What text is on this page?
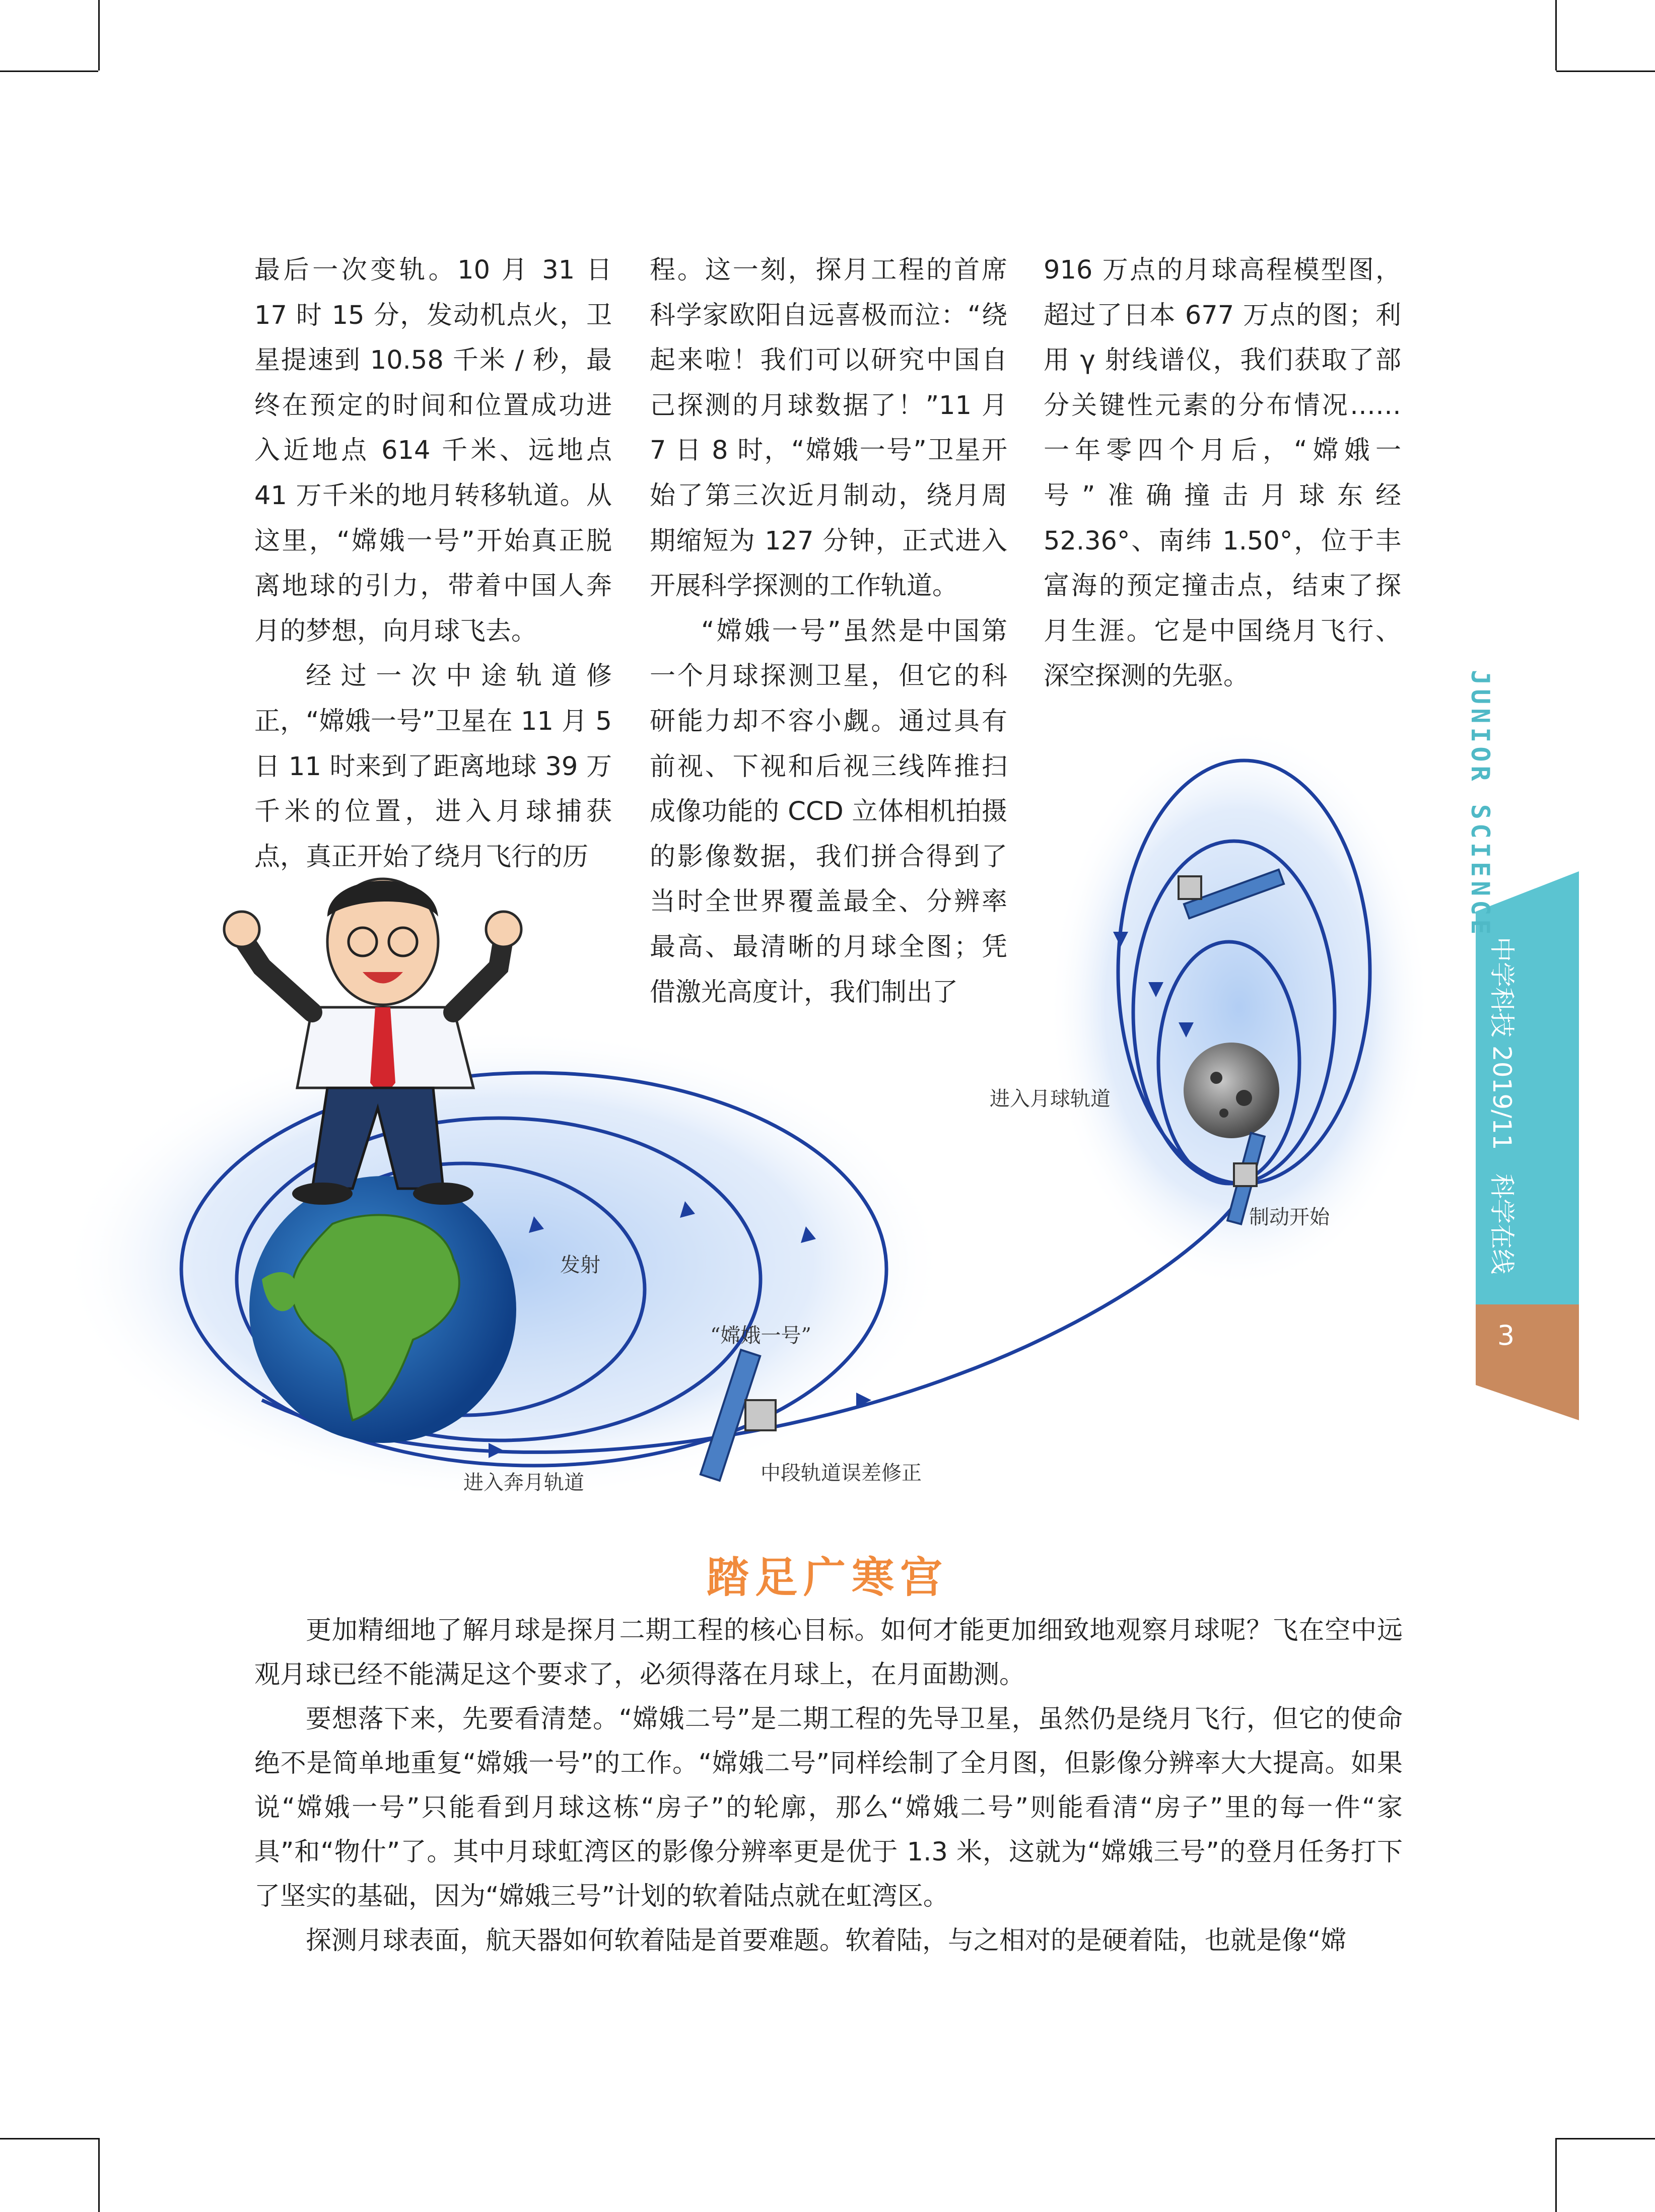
最后一次变轨。10 月 31 日 17 时 15 分，发动机点火，卫星提速到 10.58 千米 / 秒，最终在预定的时间和位置成功进入近地点 614 千米、远地点 41 万千米的地月转移轨道。从这里，“嫦娥一号”开始真正脱离地球的引力，带着中国人奔月的梦想，向月球飞去。

经过一次中途轨道修正，“嫦娥一号”卫星在 11 月 5 日 11 时来到了距离地球 39 万千米的位置，进入月球捕获点，真正开始了绕月飞行的历

程。这一刻，探月工程的首席科学家欧阳自远喜极而泣：“绕起来啦！我们可以研究中国自己探测的月球数据了！”11 月 7 日 8 时，“嫦娥一号”卫星开始了第三次近月制动，绕月周期缩短为 127 分钟，正式进入开展科学探测的工作轨道。

“嫦娥一号”虽然是中国第一个月球探测卫星，但它的科研能力却不容小觑。通过具有前视、下视和后视三线阵推扫成像功能的 CCD 立体相机拍摄的影像数据，我们拼合得到了当时全世界覆盖最全、分辨率最高、最清晰的月球全图；凭借激光高度计，我们制出了

916 万点的月球高程模型图，超过了日本 677 万点的图；利用 γ 射线谱仪，我们获取了部分关键性元素的分布情况……一年零四个月后，“嫦娥一号”准确撞击月球东经 52.36°、南纬 1.50°，位于丰富海的预定撞击点，结束了探月生涯。它是中国绕月飞行、深空探测的先驱。

发射
“嫦娥一号”
进入奔月轨道	中段轨道误差修正
进入月球轨道
制动开始
踏足广寒宫

更加精细地了解月球是探月二期工程的核心目标。如何才能更加细致地观察月球呢？飞在空中远观月球已经不能满足这个要求了，必须得落在月球上，在月面勘测。

要想落下来，先要看清楚。“嫦娥二号”是二期工程的先导卫星，虽然仍是绕月飞行，但它的使命绝不是简单地重复“嫦娥一号”的工作。“嫦娥二号”同样绘制了全月图，但影像分辨率大大提高。如果说“嫦娥一号”只能看到月球这栋“房子”的轮廓，那么“嫦娥二号”则能看清“房子”里的每一件“家具”和“物什”了。其中月球虹湾区的影像分辨率更是优于 1.3 米，这就为“嫦娥三号”的登月任务打下了坚实的基础，因为“嫦娥三号”计划的软着陆点就在虹湾区。

探测月球表面，航天器如何软着陆是首要难题。软着陆，与之相对的是硬着陆，也就是像“嫦

JUNIOR SCIENCE
中学科技 2019/11
科学在线
3
